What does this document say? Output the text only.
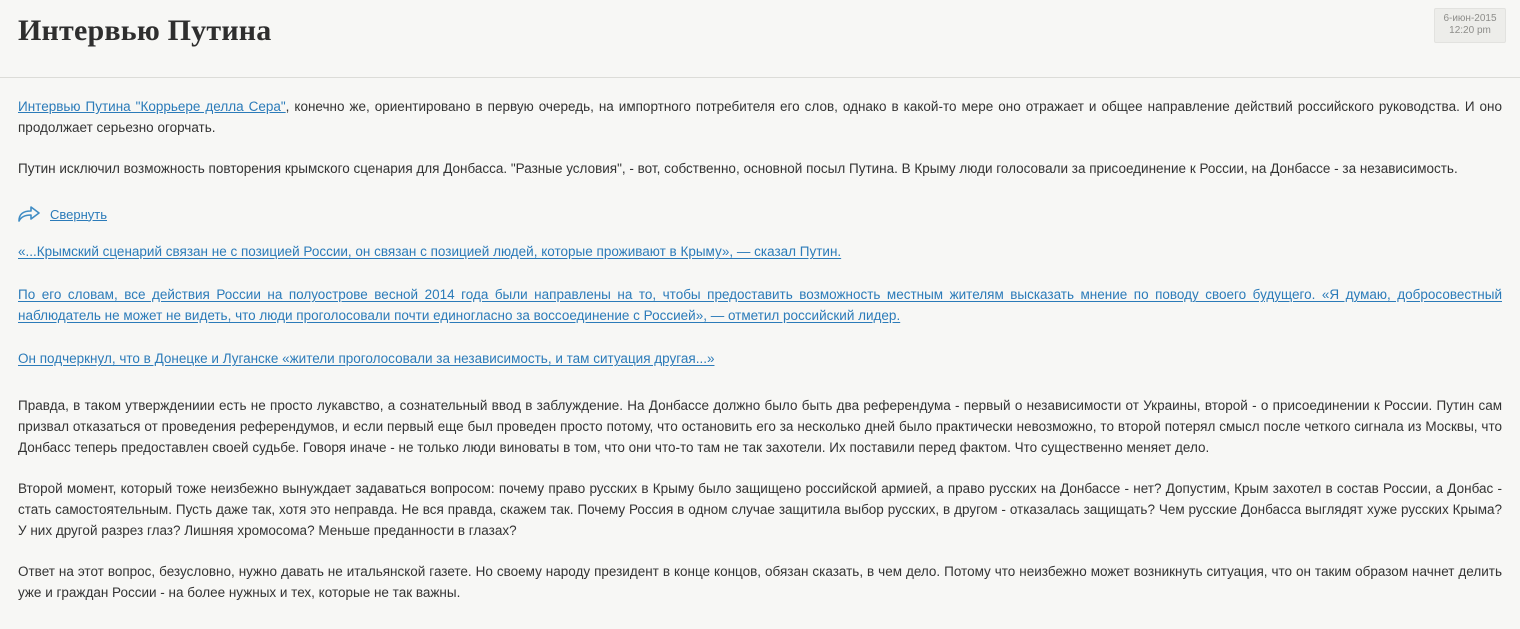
Интервью Путина	6-июн-2015
12:20 pm

Интервью Путина "Коррьере делла Сера", конечно же, ориентировано в первую очередь, на импортного потребителя его слов, однако в какой-то мере оно отражает и общее направление действий российского руководства. И оно продолжает серьезно огорчать.

Путин исключил возможность повторения крымского сценария для Донбасса. "Разные условия", - вот, собственно, основной посыл Путина. В Крыму люди голосовали за присоединение к России, на Донбассе - за независимость.

Свернуть

«...Крымский сценарий связан не с позицией России, он связан с позицией людей, которые проживают в Крыму», — сказал Путин.

По его словам, все действия России на полуострове весной 2014 года были направлены на то, чтобы предоставить возможность местным жителям высказать мнение по поводу своего будущего. «Я думаю, добросовестный наблюдатель не может не видеть, что люди проголосовали почти единогласно за воссоединение с Россией», — отметил российский лидер.

Он подчеркнул, что в Донецке и Луганске «жители проголосовали за независимость, и там ситуация другая...»

Правда, в таком утверждениии есть не просто лукавство, а сознательный ввод в заблуждение. На Донбассе должно было быть два референдума - первый о независимости от Украины, второй - о присоединении к России. Путин сам призвал отказаться от проведения референдумов, и если первый еще был проведен просто потому, что остановить его за несколько дней было практически невозможно, то второй потерял смысл после четкого сигнала из Москвы, что Донбасс теперь предоставлен своей судьбе. Говоря иначе - не только люди виноваты в том, что они что-то там не так захотели. Их поставили перед фактом. Что существенно меняет дело.

Второй момент, который тоже неизбежно вынуждает задаваться вопросом: почему право русских в Крыму было защищено российской армией, а право русских на Донбассе - нет? Допустим, Крым захотел в состав России, а Донбас - стать самостоятельным. Пусть даже так, хотя это неправда. Не вся правда, скажем так. Почему Россия в одном случае защитила выбор русских, в другом - отказалась защищать? Чем русские Донбасса выглядят хуже русских Крыма? У них другой разрез глаз? Лишняя хромосома? Меньше преданности в глазах?

Ответ на этот вопрос, безусловно, нужно давать не итальянской газете. Но своему народу президент в конце концов, обязан сказать, в чем дело. Потому что неизбежно может возникнуть ситуация, что он таким образом начнет делить уже и граждан России - на более нужных и тех, которые не так важны.
